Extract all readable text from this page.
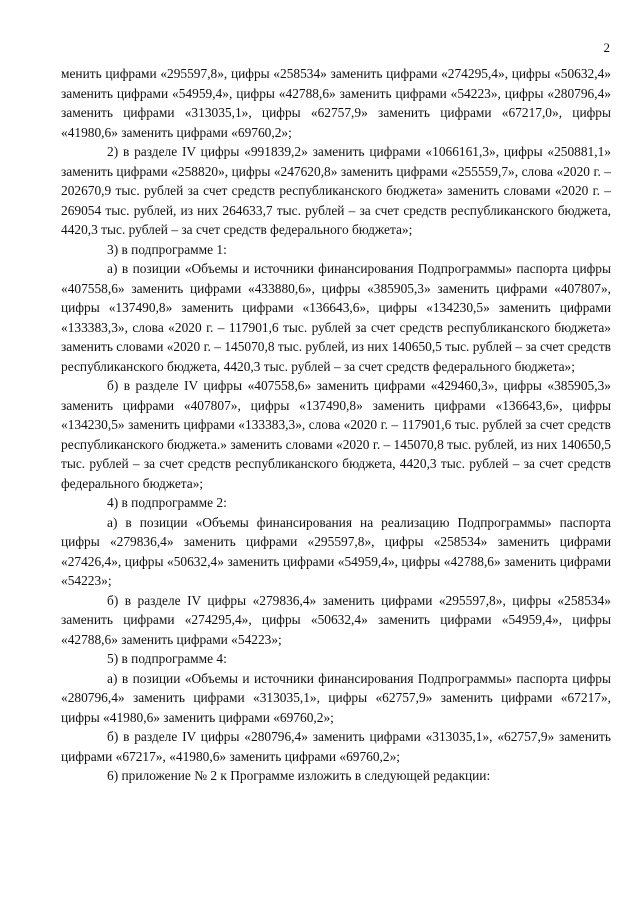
2

менить цифрами «295597,8», цифры «258534» заменить цифрами «274295,4», цифры «50632,4» заменить цифрами «54959,4», цифры «42788,6» заменить цифрами «54223», цифры «280796,4» заменить цифрами «313035,1», цифры «62757,9» заменить цифрами «67217,0», цифры «41980,6» заменить цифрами «69760,2»;

2) в разделе IV цифры «991839,2» заменить цифрами «1066161,3», цифры «250881,1» заменить цифрами «258820», цифры «247620,8» заменить цифрами «255559,7», слова «2020 г. – 202670,9 тыс. рублей за счет средств республиканского бюджета» заменить словами «2020 г. – 269054 тыс. рублей, из них 264633,7 тыс. рублей – за счет средств республиканского бюджета, 4420,3 тыс. рублей – за счет средств федерального бюджета»;

3) в подпрограмме 1:

а) в позиции «Объемы и источники финансирования Подпрограммы» паспорта цифры «407558,6» заменить цифрами «433880,6», цифры «385905,3» заменить цифрами «407807», цифры «137490,8» заменить цифрами «136643,6», цифры «134230,5» заменить цифрами «133383,3», слова «2020 г. – 117901,6 тыс. рублей за счет средств республиканского бюджета» заменить словами «2020 г. – 145070,8 тыс. рублей, из них 140650,5 тыс. рублей – за счет средств республиканского бюджета, 4420,3 тыс. рублей – за счет средств федерального бюджета»;

б) в разделе IV цифры «407558,6» заменить цифрами «429460,3», цифры «385905,3» заменить цифрами «407807», цифры «137490,8» заменить цифрами «136643,6», цифры «134230,5» заменить цифрами «133383,3», слова «2020 г. – 117901,6 тыс. рублей за счет средств республиканского бюджета.» заменить словами «2020 г. – 145070,8 тыс. рублей, из них 140650,5 тыс. рублей – за счет средств республиканского бюджета, 4420,3 тыс. рублей – за счет средств федерального бюджета»;

4) в подпрограмме 2:

а) в позиции «Объемы финансирования на реализацию Подпрограммы» паспорта цифры «279836,4» заменить цифрами «295597,8», цифры «258534» заменить цифрами «27426,4», цифры «50632,4» заменить цифрами «54959,4», цифры «42788,6» заменить цифрами «54223»;

б) в разделе IV цифры «279836,4» заменить цифрами «295597,8», цифры «258534» заменить цифрами «274295,4», цифры «50632,4» заменить цифрами «54959,4», цифры «42788,6» заменить цифрами «54223»;

5) в подпрограмме 4:

а) в позиции «Объемы и источники финансирования Подпрограммы» паспорта цифры «280796,4» заменить цифрами «313035,1», цифры «62757,9» заменить цифрами «67217», цифры «41980,6» заменить цифрами «69760,2»;

б) в разделе IV цифры «280796,4» заменить цифрами «313035,1», «62757,9» заменить цифрами «67217», «41980,6» заменить цифрами «69760,2»;

6) приложение № 2 к Программе изложить в следующей редакции:
